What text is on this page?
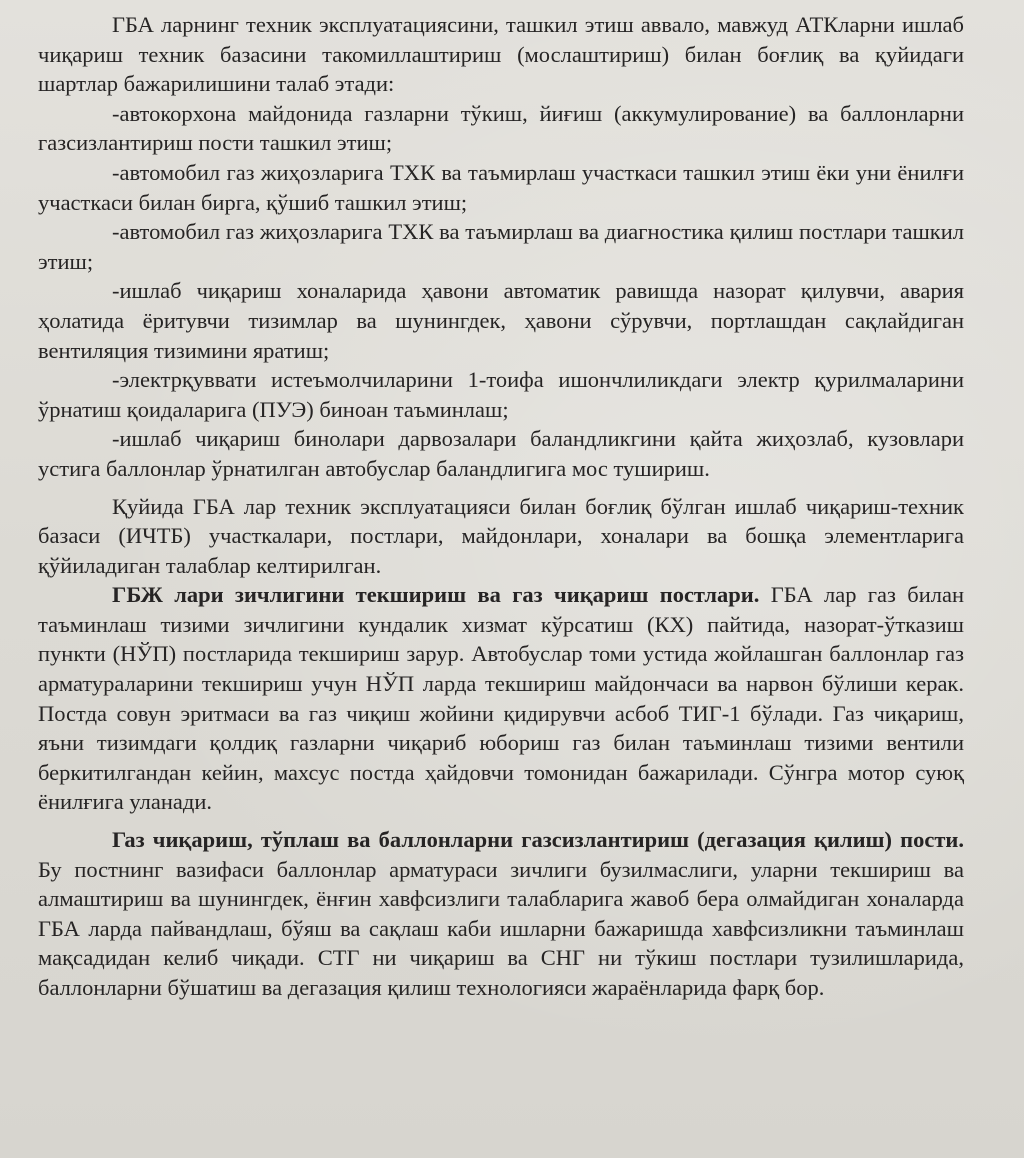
ГБА ларнинг техник эксплуатациясини, ташкил этиш аввало, мавжуд АТКларни ишлаб чиқариш техник базасини такомиллаштириш (мослаштириш) билан боғлиқ ва қуйидаги шартлар бажарилишини талаб этади:

-автокорхона майдонида газларни тўкиш, йиғиш (аккумулирование) ва баллонларни газсизлантириш пости ташкил этиш;

-автомобил газ жиҳозларига ТХК ва таъмирлаш участкаси ташкил этиш ёки уни ёнилғи участкаси билан бирга, қўшиб ташкил этиш;

-автомобил газ жиҳозларига ТХК ва таъмирлаш ва диагностика қилиш постлари ташкил этиш;

-ишлаб чиқариш хоналарида ҳавони автоматик равишда назорат қилувчи, авария ҳолатида ёритувчи тизимлар ва шунингдек, ҳавони сўрувчи, портлашдан сақлайдиган вентиляция тизимини яратиш;

-электрқуввати истеъмолчиларини 1-тоифа ишончлиликдаги электр қурилмаларини ўрнатиш қоидаларига (ПУЭ) биноан таъминлаш;

-ишлаб чиқариш бинолари дарвозалари баландликгини қайта жиҳозлаб, кузовлари устига баллонлар ўрнатилган автобуслар баландлигига мос тушириш.

Қуйида ГБА лар техник эксплуатацияси билан боғлиқ бўлган ишлаб чиқариш-техник базаси (ИЧТБ) участкалари, постлари, майдонлари, хоналари ва бошқа элементларига қўйиладиган талаблар келтирилган.

ГБЖ лари зичлигини текшириш ва газ чиқариш постлари. ГБА лар газ билан таъминлаш тизими зичлигини кундалик хизмат кўрсатиш (КХ) пайтида, назорат-ўтказиш пункти (НЎП) постларида текшириш зарур. Автобуслар томи устида жойлашган баллонлар газ арматураларини текшириш учун НЎП ларда текшириш майдончаси ва нарвон бўлиши керак. Постда совун эритмаси ва газ чиқиш жойини қидирувчи асбоб ТИГ-1 бўлади. Газ чиқариш, яъни тизимдаги қолдиқ газларни чиқариб юбориш газ билан таъминлаш тизими вентили беркитилгандан кейин, махсус постда ҳайдовчи томонидан бажарилади. Сўнгра мотор суюқ ёнилғига уланади.

Газ чиқариш, тўплаш ва баллонларни газсизлантириш (дегазация қилиш) пости. Бу постнинг вазифаси баллонлар арматураси зичлиги бузилмаслиги, уларни текшириш ва алмаштириш ва шунингдек, ёнғин хавфсизлиги талабларига жавоб бера олмайдиган хоналарда ГБА ларда пайвандлаш, бўяш ва сақлаш каби ишларни бажаришда хавфсизликни таъминлаш мақсадидан келиб чиқади. СТГ ни чиқариш ва СНГ ни тўкиш постлари тузилишларида, баллонларни бўшатиш ва дегазация қилиш технологияси жараёнларида фарқ бор.
